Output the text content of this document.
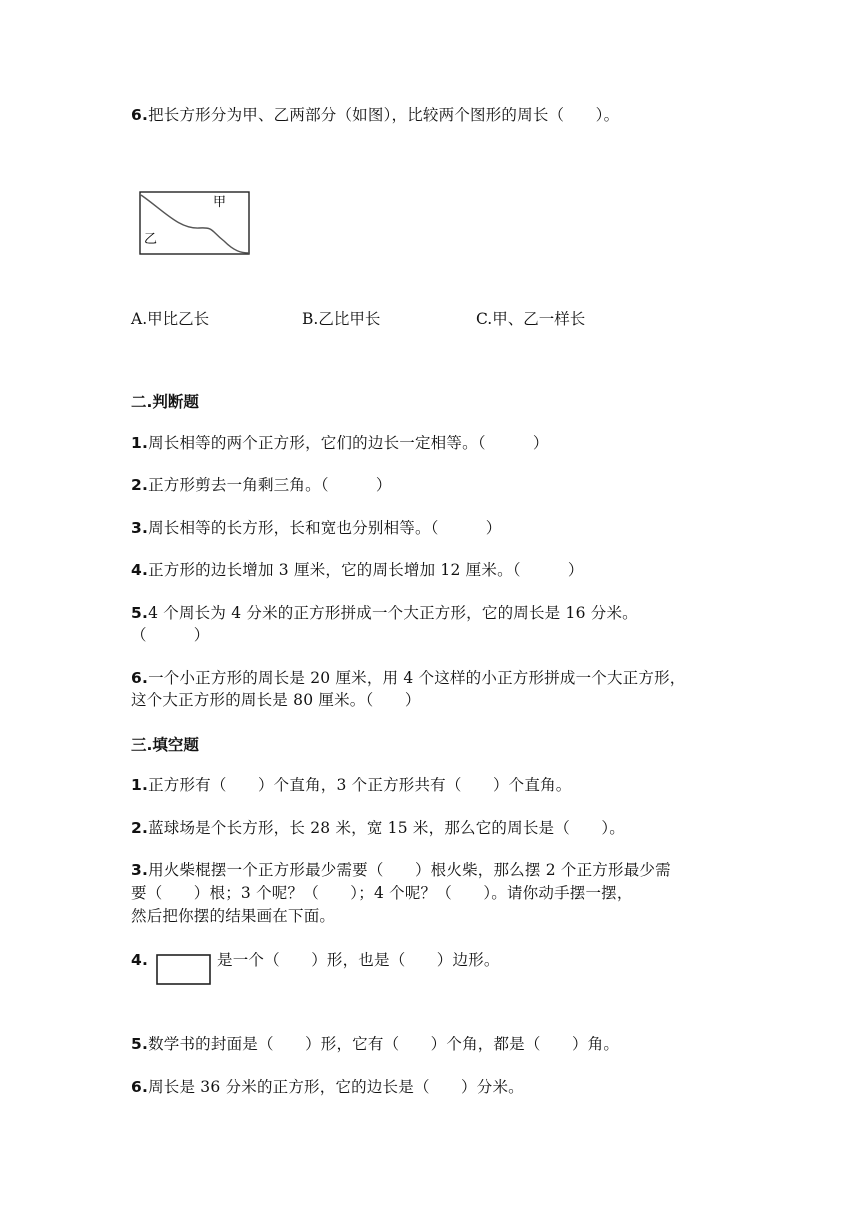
6.把长方形分为甲、乙两部分（如图），比较两个图形的周长（　　）。
甲
乙
A.甲比乙长	B.乙比甲长	C.甲、乙一样长
二.判断题
1.周长相等的两个正方形，它们的边长一定相等。（　　　）
2.正方形剪去一角剩三角。（　　　）
3.周长相等的长方形，长和宽也分别相等。（　　　）
4.正方形的边长增加 3 厘米，它的周长增加 12 厘米。（　　　）
5.4 个周长为 4 分米的正方形拼成一个大正方形，它的周长是 16 分米。
（　　　）
6.一个小正方形的周长是 20 厘米，用 4 个这样的小正方形拼成一个大正方形，
这个大正方形的周长是 80 厘米。（　　）
三.填空题
1.正方形有（　　）个直角，3 个正方形共有（　　）个直角。
2.蓝球场是个长方形，长 28 米，宽 15 米，那么它的周长是（　　）。
3.用火柴棍摆一个正方形最少需要（　　）根火柴，那么摆 2 个正方形最少需
要（　　）根；3 个呢？（　　）；4 个呢？（　　）。请你动手摆一摆，
然后把你摆的结果画在下面。
4.	是一个（　　）形，也是（　　）边形。
5.数学书的封面是（　　）形，它有（　　）个角，都是（　　）角。
6.周长是 36 分米的正方形，它的边长是（　　）分米。
